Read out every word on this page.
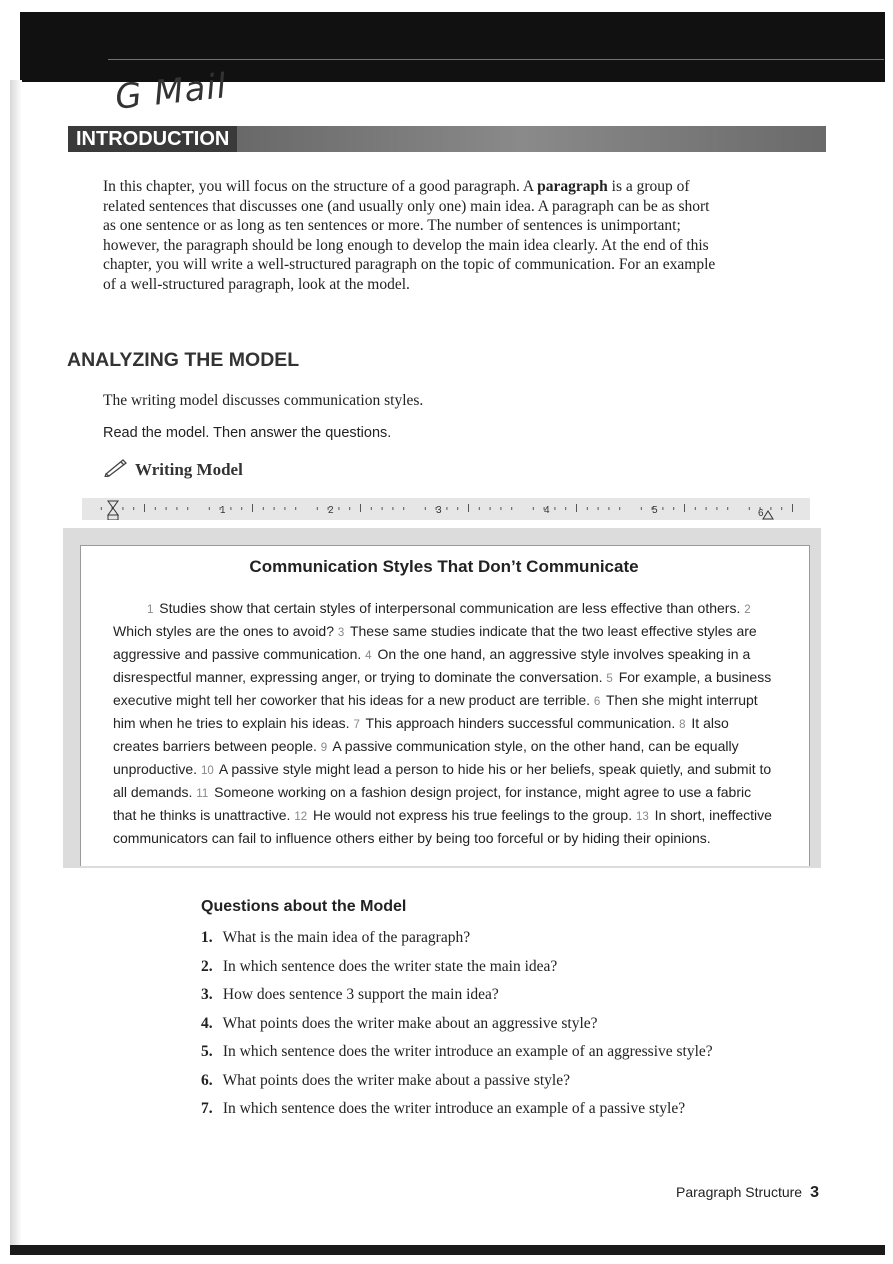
G Mail
INTRODUCTION
In this chapter, you will focus on the structure of a good paragraph. A paragraph is a group of related sentences that discusses one (and usually only one) main idea. A paragraph can be as short as one sentence or as long as ten sentences or more. The number of sentences is unimportant; however, the paragraph should be long enough to develop the main idea clearly. At the end of this chapter, you will write a well-structured paragraph on the topic of communication. For an example of a well-structured paragraph, look at the model.
ANALYZING THE MODEL
The writing model discusses communication styles.
Read the model. Then answer the questions.
Writing Model
1	2	3	4	5	6
Communication Styles That Don’t Communicate
1 Studies show that certain styles of interpersonal communication are less effective than others. 2 Which styles are the ones to avoid? 3 These same studies indicate that the two least effective styles are aggressive and passive communication. 4 On the one hand, an aggressive style involves speaking in a disrespectful manner, expressing anger, or trying to dominate the conversation. 5 For example, a business executive might tell her coworker that his ideas for a new product are terrible. 6 Then she might interrupt him when he tries to explain his ideas. 7 This approach hinders successful communication. 8 It also creates barriers between people. 9 A passive communication style, on the other hand, can be equally unproductive. 10 A passive style might lead a person to hide his or her beliefs, speak quietly, and submit to all demands. 11 Someone working on a fashion design project, for instance, might agree to use a fabric that he thinks is unattractive. 12 He would not express his true feelings to the group. 13 In short, ineffective communicators can fail to influence others either by being too forceful or by hiding their opinions.
Questions about the Model
1. What is the main idea of the paragraph?
2. In which sentence does the writer state the main idea?
3. How does sentence 3 support the main idea?
4. What points does the writer make about an aggressive style?
5. In which sentence does the writer introduce an example of an aggressive style?
6. What points does the writer make about a passive style?
7. In which sentence does the writer introduce an example of a passive style?
Paragraph Structure 3
